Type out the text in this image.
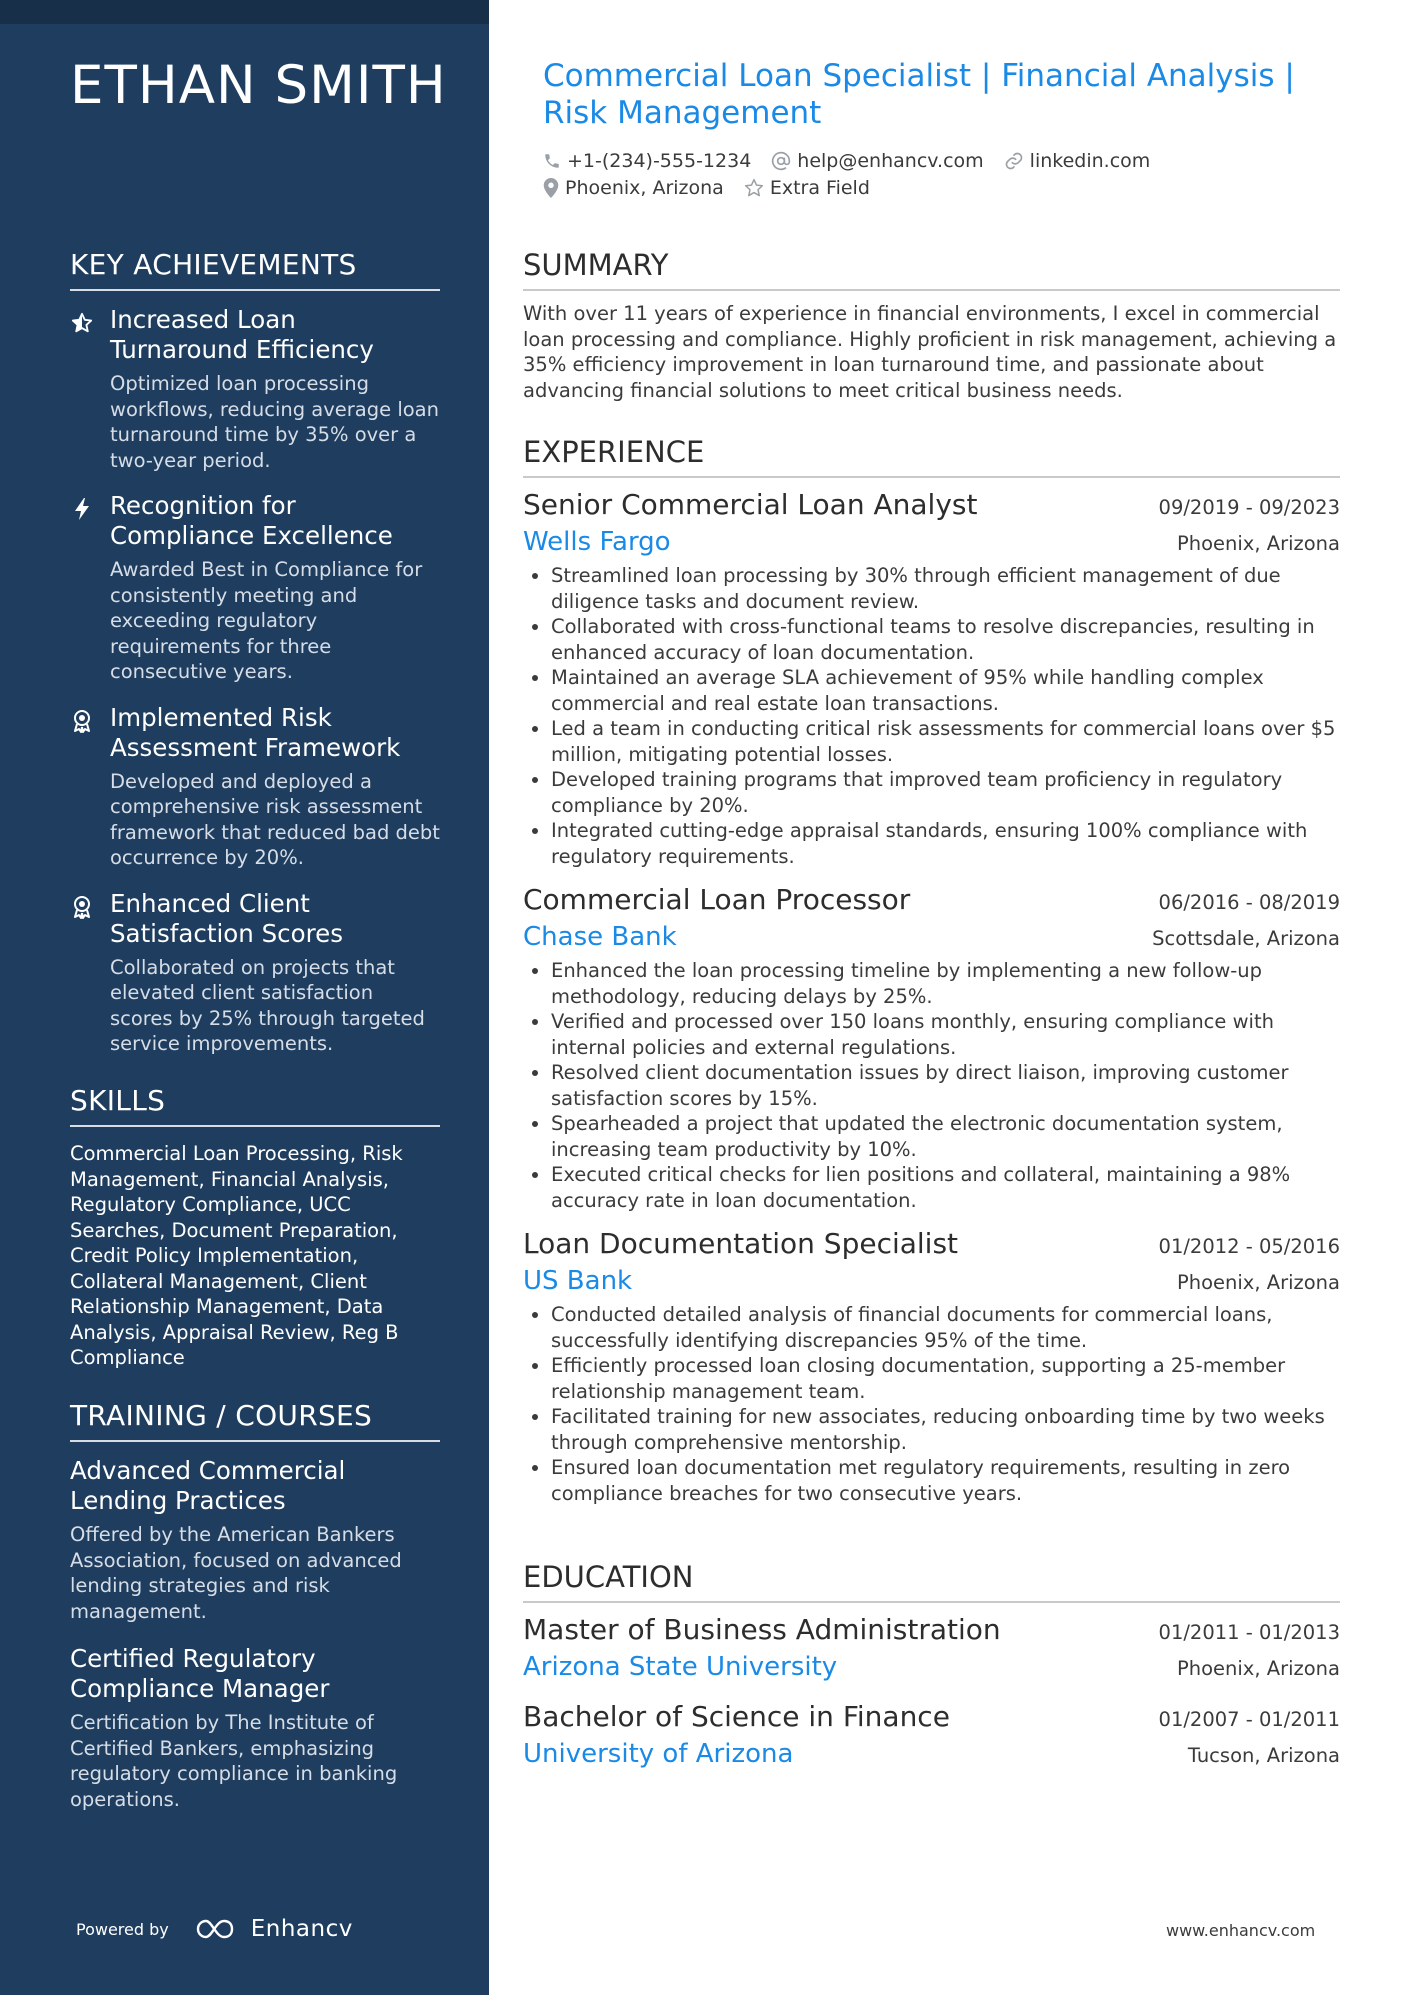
ETHAN SMITH
KEY ACHIEVEMENTS
Increased Loan Turnaround Efficiency
Optimized loan processing workflows, reducing average loan turnaround time by 35% over a two-year period.
Recognition for Compliance Excellence
Awarded Best in Compliance for consistently meeting and exceeding regulatory requirements for three consecutive years.
Implemented Risk Assessment Framework
Developed and deployed a comprehensive risk assessment framework that reduced bad debt occurrence by 20%.
Enhanced Client Satisfaction Scores
Collaborated on projects that elevated client satisfaction scores by 25% through targeted service improvements.
SKILLS
Commercial Loan Processing, Risk Management, Financial Analysis, Regulatory Compliance, UCC Searches, Document Preparation, Credit Policy Implementation, Collateral Management, Client Relationship Management, Data Analysis, Appraisal Review, Reg B Compliance
TRAINING / COURSES
Advanced Commercial Lending Practices
Offered by the American Bankers Association, focused on advanced lending strategies and risk management.
Certified Regulatory Compliance Manager
Certification by The Institute of Certified Bankers, emphasizing regulatory compliance in banking operations.
Powered by	Enhancv
Commercial Loan Specialist | Financial Analysis | Risk Management
+1-(234)-555-1234 help@enhancv.com linkedin.com
Phoenix, Arizona Extra Field
SUMMARY
With over 11 years of experience in financial environments, I excel in commercial loan processing and compliance. Highly proficient in risk management, achieving a 35% efficiency improvement in loan turnaround time, and passionate about advancing financial solutions to meet critical business needs.
EXPERIENCE
Senior Commercial Loan Analyst	09/2019 - 09/2023
Wells Fargo	Phoenix, Arizona
• Streamlined loan processing by 30% through efficient management of due diligence tasks and document review.
• Collaborated with cross-functional teams to resolve discrepancies, resulting in enhanced accuracy of loan documentation.
• Maintained an average SLA achievement of 95% while handling complex commercial and real estate loan transactions.
• Led a team in conducting critical risk assessments for commercial loans over $5 million, mitigating potential losses.
• Developed training programs that improved team proficiency in regulatory compliance by 20%.
• Integrated cutting-edge appraisal standards, ensuring 100% compliance with regulatory requirements.
Commercial Loan Processor	06/2016 - 08/2019
Chase Bank	Scottsdale, Arizona
• Enhanced the loan processing timeline by implementing a new follow-up methodology, reducing delays by 25%.
• Verified and processed over 150 loans monthly, ensuring compliance with internal policies and external regulations.
• Resolved client documentation issues by direct liaison, improving customer satisfaction scores by 15%.
• Spearheaded a project that updated the electronic documentation system, increasing team productivity by 10%.
• Executed critical checks for lien positions and collateral, maintaining a 98% accuracy rate in loan documentation.
Loan Documentation Specialist	01/2012 - 05/2016
US Bank	Phoenix, Arizona
• Conducted detailed analysis of financial documents for commercial loans, successfully identifying discrepancies 95% of the time.
• Efficiently processed loan closing documentation, supporting a 25-member relationship management team.
• Facilitated training for new associates, reducing onboarding time by two weeks through comprehensive mentorship.
• Ensured loan documentation met regulatory requirements, resulting in zero compliance breaches for two consecutive years.
EDUCATION
Master of Business Administration	01/2011 - 01/2013
Arizona State University	Phoenix, Arizona
Bachelor of Science in Finance	01/2007 - 01/2011
University of Arizona	Tucson, Arizona
www.enhancv.com
